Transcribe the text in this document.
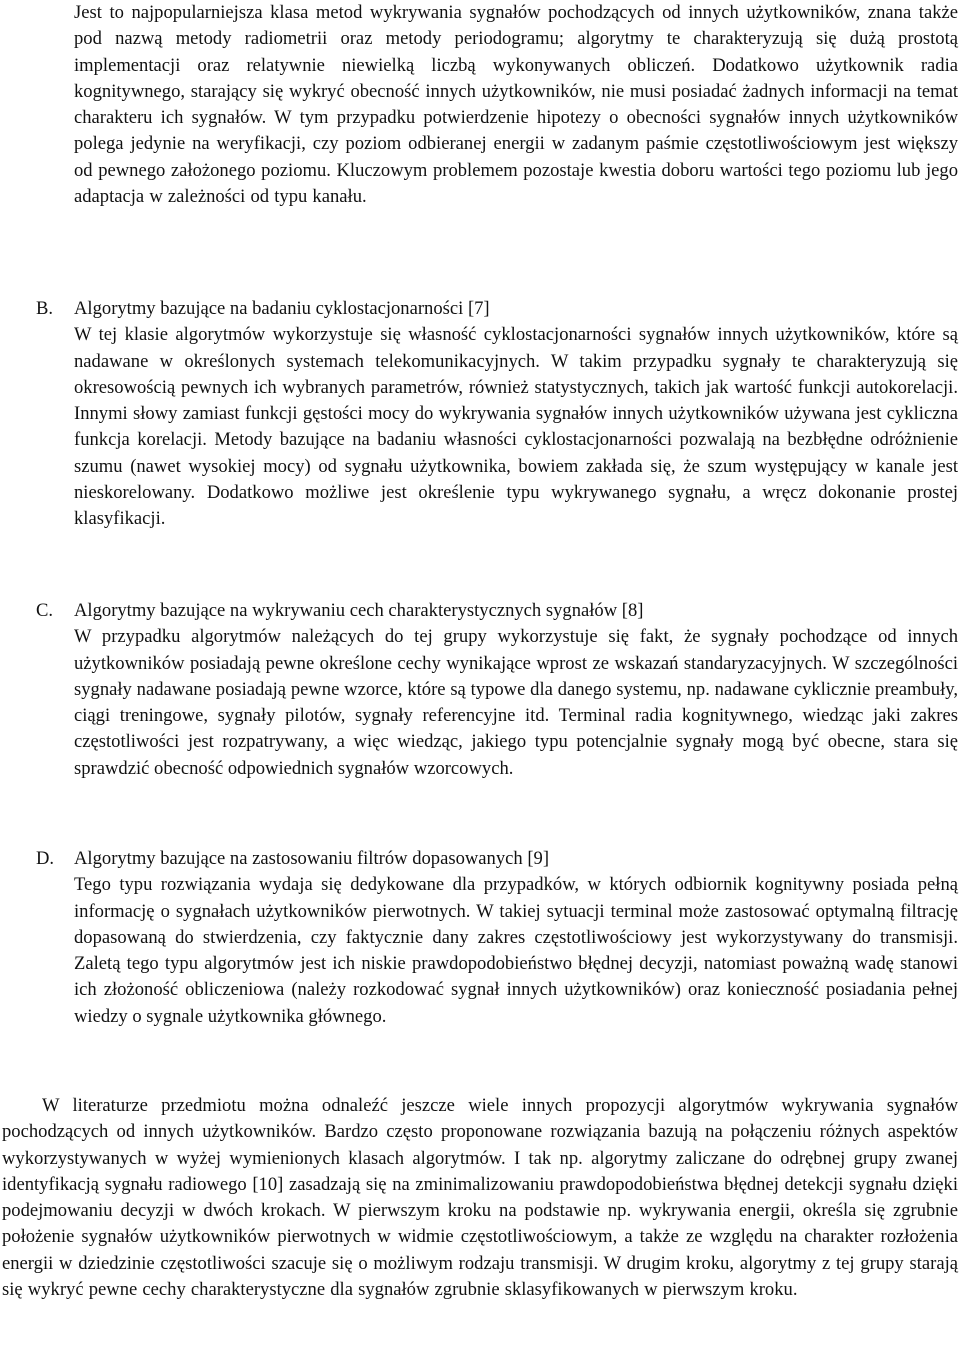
Jest to najpopularniejsza klasa metod wykrywania sygnałów pochodzących od innych użytkowników, znana także pod nazwą metody radiometrii oraz metody periodogramu; algorytmy te charakteryzują się dużą prostotą implementacji oraz relatywnie niewielką liczbą wykonywanych obliczeń. Dodatkowo użytkownik radia kognitywnego, starający się wykryć obecność innych użytkowników, nie musi posiadać żadnych informacji na temat charakteru ich sygnałów. W tym przypadku potwierdzenie hipotezy o obecności sygnałów innych użytkowników polega jedynie na weryfikacji, czy poziom odbieranej energii w zadanym paśmie częstotliwościowym jest większy od pewnego założonego poziomu. Kluczowym problemem pozostaje kwestia doboru wartości tego poziomu lub jego adaptacja w zależności od typu kanału.

B. Algorytmy bazujące na badaniu cyklostacjonarności [7]

W tej klasie algorytmów wykorzystuje się własność cyklostacjonarności sygnałów innych użytkowników, które są nadawane w określonych systemach telekomunikacyjnych. W takim przypadku sygnały te charakteryzują się okresowością pewnych ich wybranych parametrów, również statystycznych, takich jak wartość funkcji autokorelacji. Innymi słowy zamiast funkcji gęstości mocy do wykrywania sygnałów innych użytkowników używana jest cykliczna funkcja korelacji. Metody bazujące na badaniu własności cyklostacjonarności pozwalają na bezbłędne odróżnienie szumu (nawet wysokiej mocy) od sygnału użytkownika, bowiem zakłada się, że szum występujący w kanale jest nieskorelowany. Dodatkowo możliwe jest określenie typu wykrywanego sygnału, a wręcz dokonanie prostej klasyfikacji.

C. Algorytmy bazujące na wykrywaniu cech charakterystycznych sygnałów [8]

W przypadku algorytmów należących do tej grupy wykorzystuje się fakt, że sygnały pochodzące od innych użytkowników posiadają pewne określone cechy wynikające wprost ze wskazań standaryzacyjnych. W szczególności sygnały nadawane posiadają pewne wzorce, które są typowe dla danego systemu, np. nadawane cyklicznie preambuły, ciągi treningowe, sygnały pilotów, sygnały referencyjne itd. Terminal radia kognitywnego, wiedząc jaki zakres częstotliwości jest rozpatrywany, a więc wiedząc, jakiego typu potencjalnie sygnały mogą być obecne, stara się sprawdzić obecność odpowiednich sygnałów wzorcowych.

D. Algorytmy bazujące na zastosowaniu filtrów dopasowanych [9]

Tego typu rozwiązania wydaja się dedykowane dla przypadków, w których odbiornik kognitywny posiada pełną informację o sygnałach użytkowników pierwotnych. W takiej sytuacji terminal może zastosować optymalną filtrację dopasowaną do stwierdzenia, czy faktycznie dany zakres częstotliwościowy jest wykorzystywany do transmisji. Zaletą tego typu algorytmów jest ich niskie prawdopodobieństwo błędnej decyzji, natomiast poważną wadę stanowi ich złożoność obliczeniowa (należy rozkodować sygnał innych użytkowników) oraz konieczność posiadania pełnej wiedzy o sygnale użytkownika głównego.

W literaturze przedmiotu można odnaleźć jeszcze wiele innych propozycji algorytmów wykrywania sygnałów pochodzących od innych użytkowników. Bardzo często proponowane rozwiązania bazują na połączeniu różnych aspektów wykorzystywanych w wyżej wymienionych klasach algorytmów. I tak np. algorytmy zaliczane do odrębnej grupy zwanej identyfikacją sygnału radiowego [10] zasadzają się na zminimalizowaniu prawdopodobieństwa błędnej detekcji sygnału dzięki podejmowaniu decyzji w dwóch krokach. W pierwszym kroku na podstawie np. wykrywania energii, określa się zgrubnie położenie sygnałów użytkowników pierwotnych w widmie częstotliwościowym, a także ze względu na charakter rozłożenia energii w dziedzinie częstotliwości szacuje się o możliwym rodzaju transmisji. W drugim kroku, algorytmy z tej grupy starają się wykryć pewne cechy charakterystyczne dla sygnałów zgrubnie sklasyfikowanych w pierwszym kroku.
